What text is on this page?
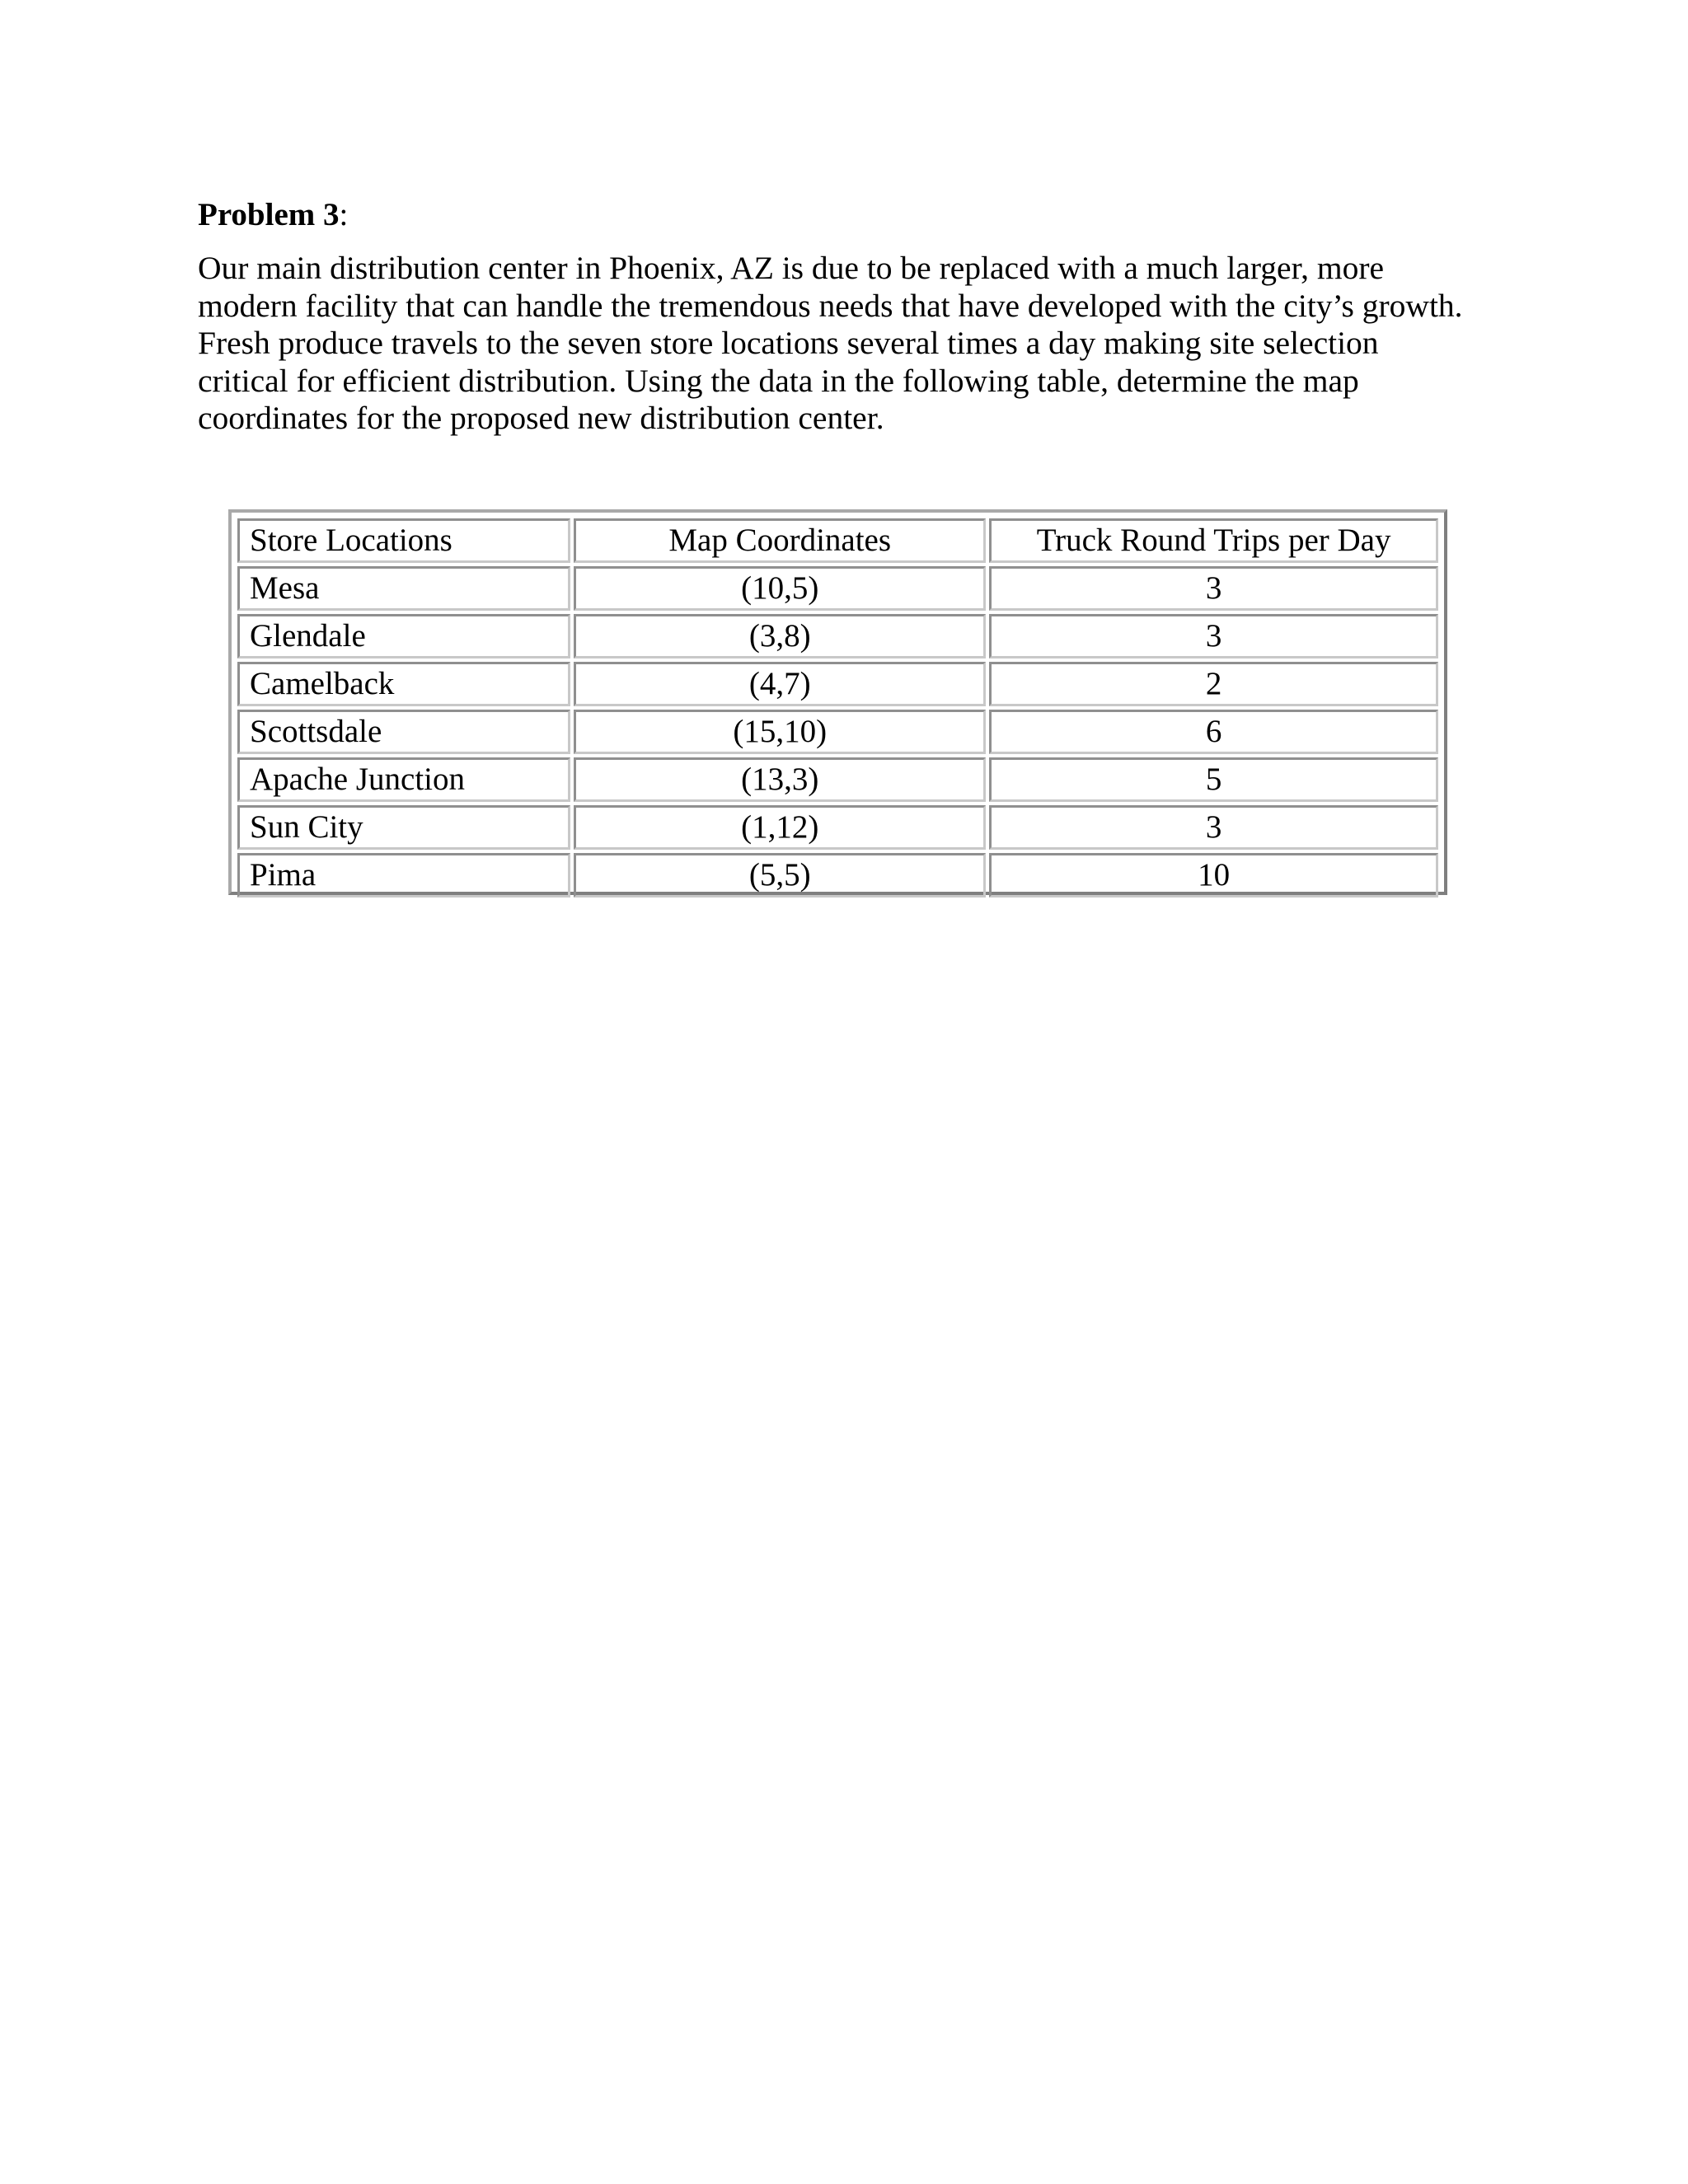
Problem 3:

Our main distribution center in Phoenix, AZ is due to be replaced with a much larger, more
modern facility that can handle the tremendous needs that have developed with the city’s growth.
Fresh produce travels to the seven store locations several times a day making site selection
critical for efficient distribution. Using the data in the following table, determine the map
coordinates for the proposed new distribution center.

Store Locations	Map Coordinates	Truck Round Trips per Day
Mesa	(10,5)	3
Glendale	(3,8)	3
Camelback	(4,7)	2
Scottsdale	(15,10)	6
Apache Junction	(13,3)	5
Sun City	(1,12)	3
Pima	(5,5)	10
